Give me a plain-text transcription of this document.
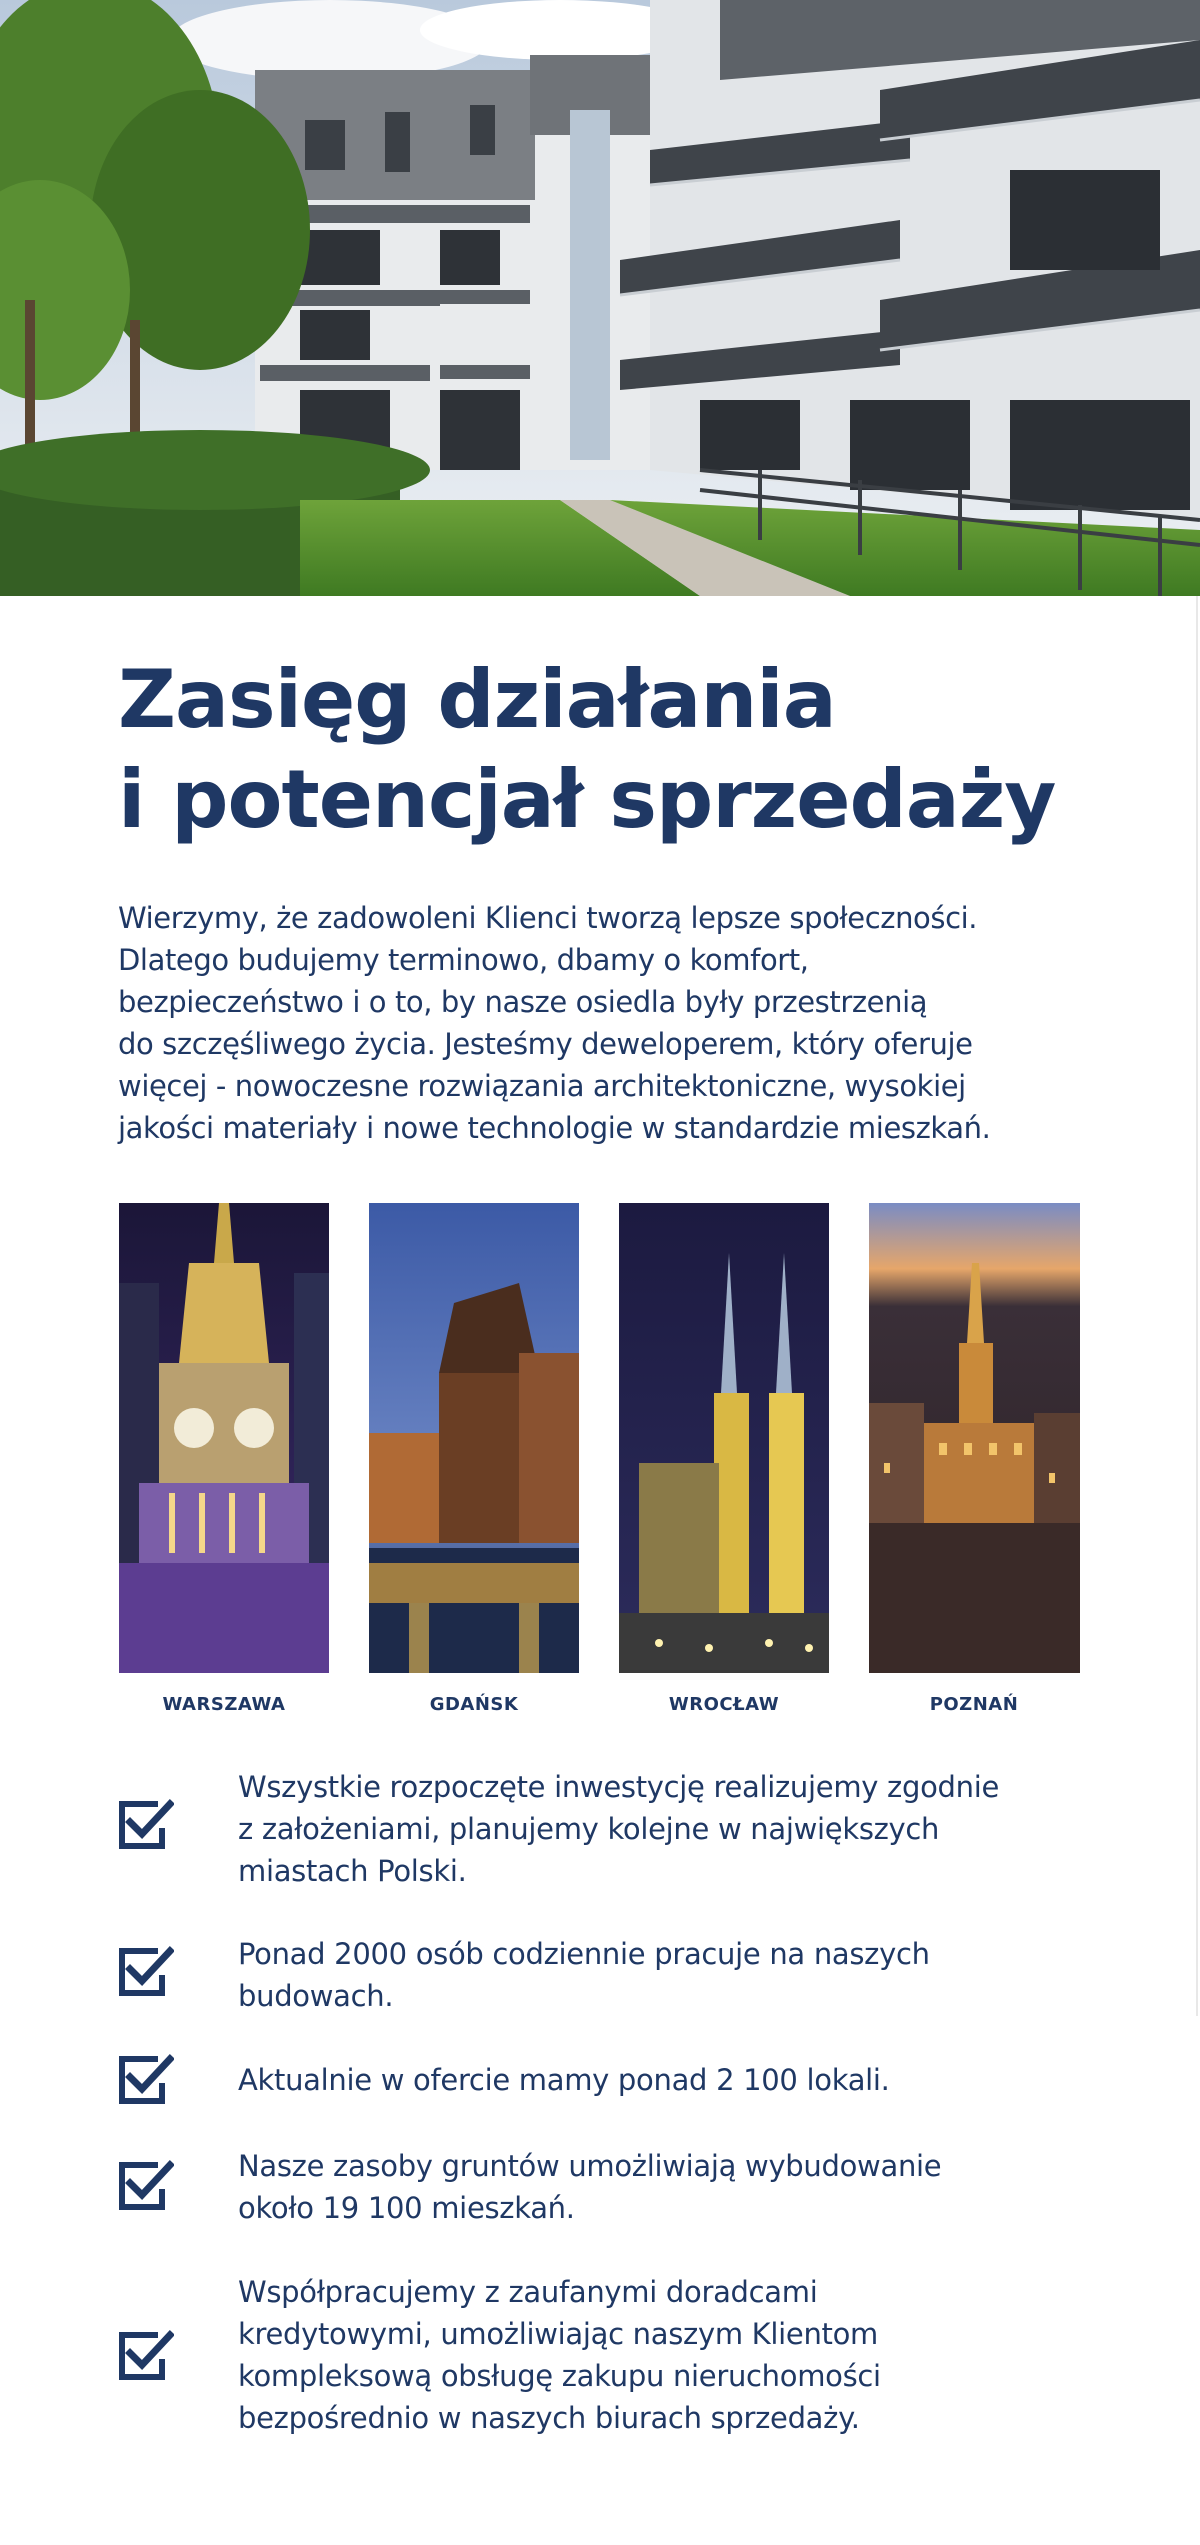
Zasięg działania
i potencjał sprzedaży

Wierzymy, że zadowoleni Klienci tworzą lepsze społeczności.
Dlatego budujemy terminowo, dbamy o komfort,
bezpieczeństwo i o to, by nasze osiedla były przestrzenią
do szczęśliwego życia. Jesteśmy deweloperem, który oferuje
więcej - nowoczesne rozwiązania architektoniczne, wysokiej
jakości materiały i nowe technologie w standardzie mieszkań.

WARSZAWA	GDAŃSK	WROCŁAW	POZNAŃ
Wszystkie rozpoczęte inwestycję realizujemy zgodnie
z założeniami, planujemy kolejne w największych
miastach Polski.
Ponad 2000 osób codziennie pracuje na naszych
budowach.
Aktualnie w ofercie mamy ponad 2 100 lokali.
Nasze zasoby gruntów umożliwiają wybudowanie
około 19 100 mieszkań.
Współpracujemy z zaufanymi doradcami
kredytowymi, umożliwiając naszym Klientom
kompleksową obsługę zakupu nieruchomości
bezpośrednio w naszych biurach sprzedaży.
